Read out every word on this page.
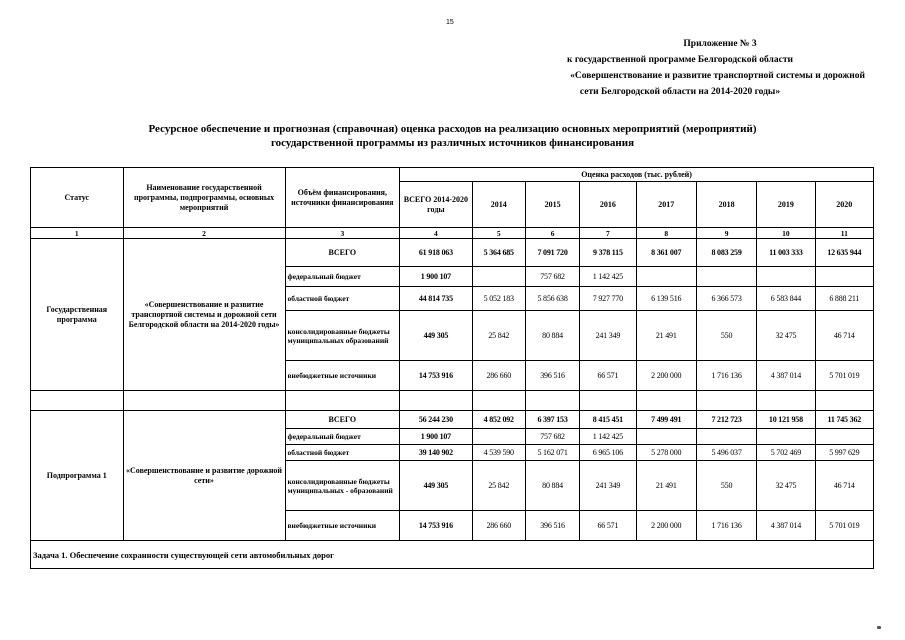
15
Приложение № 3
к государственной программе Белгородской области
«Совершенствование и развитие транспортной системы и дорожной
сети Белгородской области на 2014-2020 годы»
Ресурсное обеспечение и прогнозная (справочная) оценка расходов на реализацию основных мероприятий (мероприятий)
государственной программы из различных источников финансирования
Статус	Наименование государственной программы, подпрограммы, основных мероприятий	Объём финансирования, источники финансирования	Оценка расходов (тыс. рублей)							
			ВСЕГО 2014-2020 годы	2014	2015	2016	2017	2018	2019	2020
1	2	3	4	5	6	7	8	9	10	11
Государственная программа	«Совершенствование и развитие транспортной системы и дорожной сети Белгородской области на 2014-2020 годы»	ВСЕГО	61 918 063	5 364 685	7 091 720	9 378 115	8 361 007	8 083 259	11 003 333	12 635 944
		федеральный бюджет	1 900 107		757 682	1 142 425				
		областной бюджет	44 814 735	5 052 183	5 856 638	7 927 770	6 139 516	6 366 573	6 583 844	6 888 211
		консолидированные бюджеты муниципальных образований	449 305	25 842	80 884	241 349	21 491	550	32 475	46 714
		внебюджетные источники	14 753 916	286 660	396 516	66 571	2 200 000	1 716 136	4 387 014	5 701 019

Подпрограмма 1	«Совершенствование и развитие дорожной сети»	ВСЕГО	56 244 230	4 852 092	6 397 153	8 415 451	7 499 491	7 212 723	10 121 958	11 745 362
		федеральный бюджет	1 900 107		757 682	1 142 425				
		областной бюджет	39 140 902	4 539 590	5 162 071	6 965 106	5 278 000	5 496 037	5 702 469	5 997 629
		консолидированные бюджеты муниципальных - образований	449 305	25 842	80 884	241 349	21 491	550	32 475	46 714
		внебюджетные источники	14 753 916	286 660	396 516	66 571	2 200 000	1 716 136	4 387 014	5 701 019
Задача 1. Обеспечение сохранности существующей сети автомобильных дорог										
